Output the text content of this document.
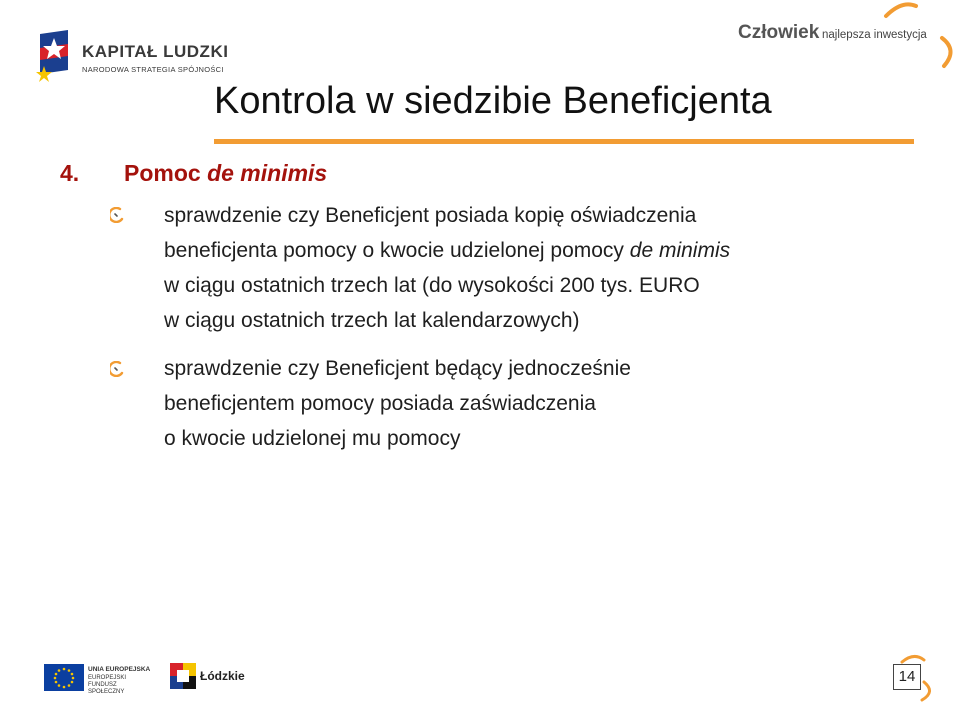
KAPITAŁ LUDZKI
NARODOWA STRATEGIA SPÓJNOŚCI
Człowiek najlepsza inwestycja
Kontrola w siedzibie Beneficjenta
4. Pomoc de minimis
sprawdzenie czy Beneficjent posiada kopię oświadczenia
beneficjenta pomocy o kwocie udzielonej pomocy de minimis
w ciągu ostatnich trzech lat (do wysokości 200 tys. EURO
w ciągu ostatnich trzech lat kalendarzowych)
sprawdzenie czy Beneficjent będący jednocześnie
beneficjentem pomocy posiada zaświadczenia
o kwocie udzielonej mu pomocy
UNIA EUROPEJSKA
EUROPEJSKI
FUNDUSZ SPOŁECZNY
Łódzkie	14
